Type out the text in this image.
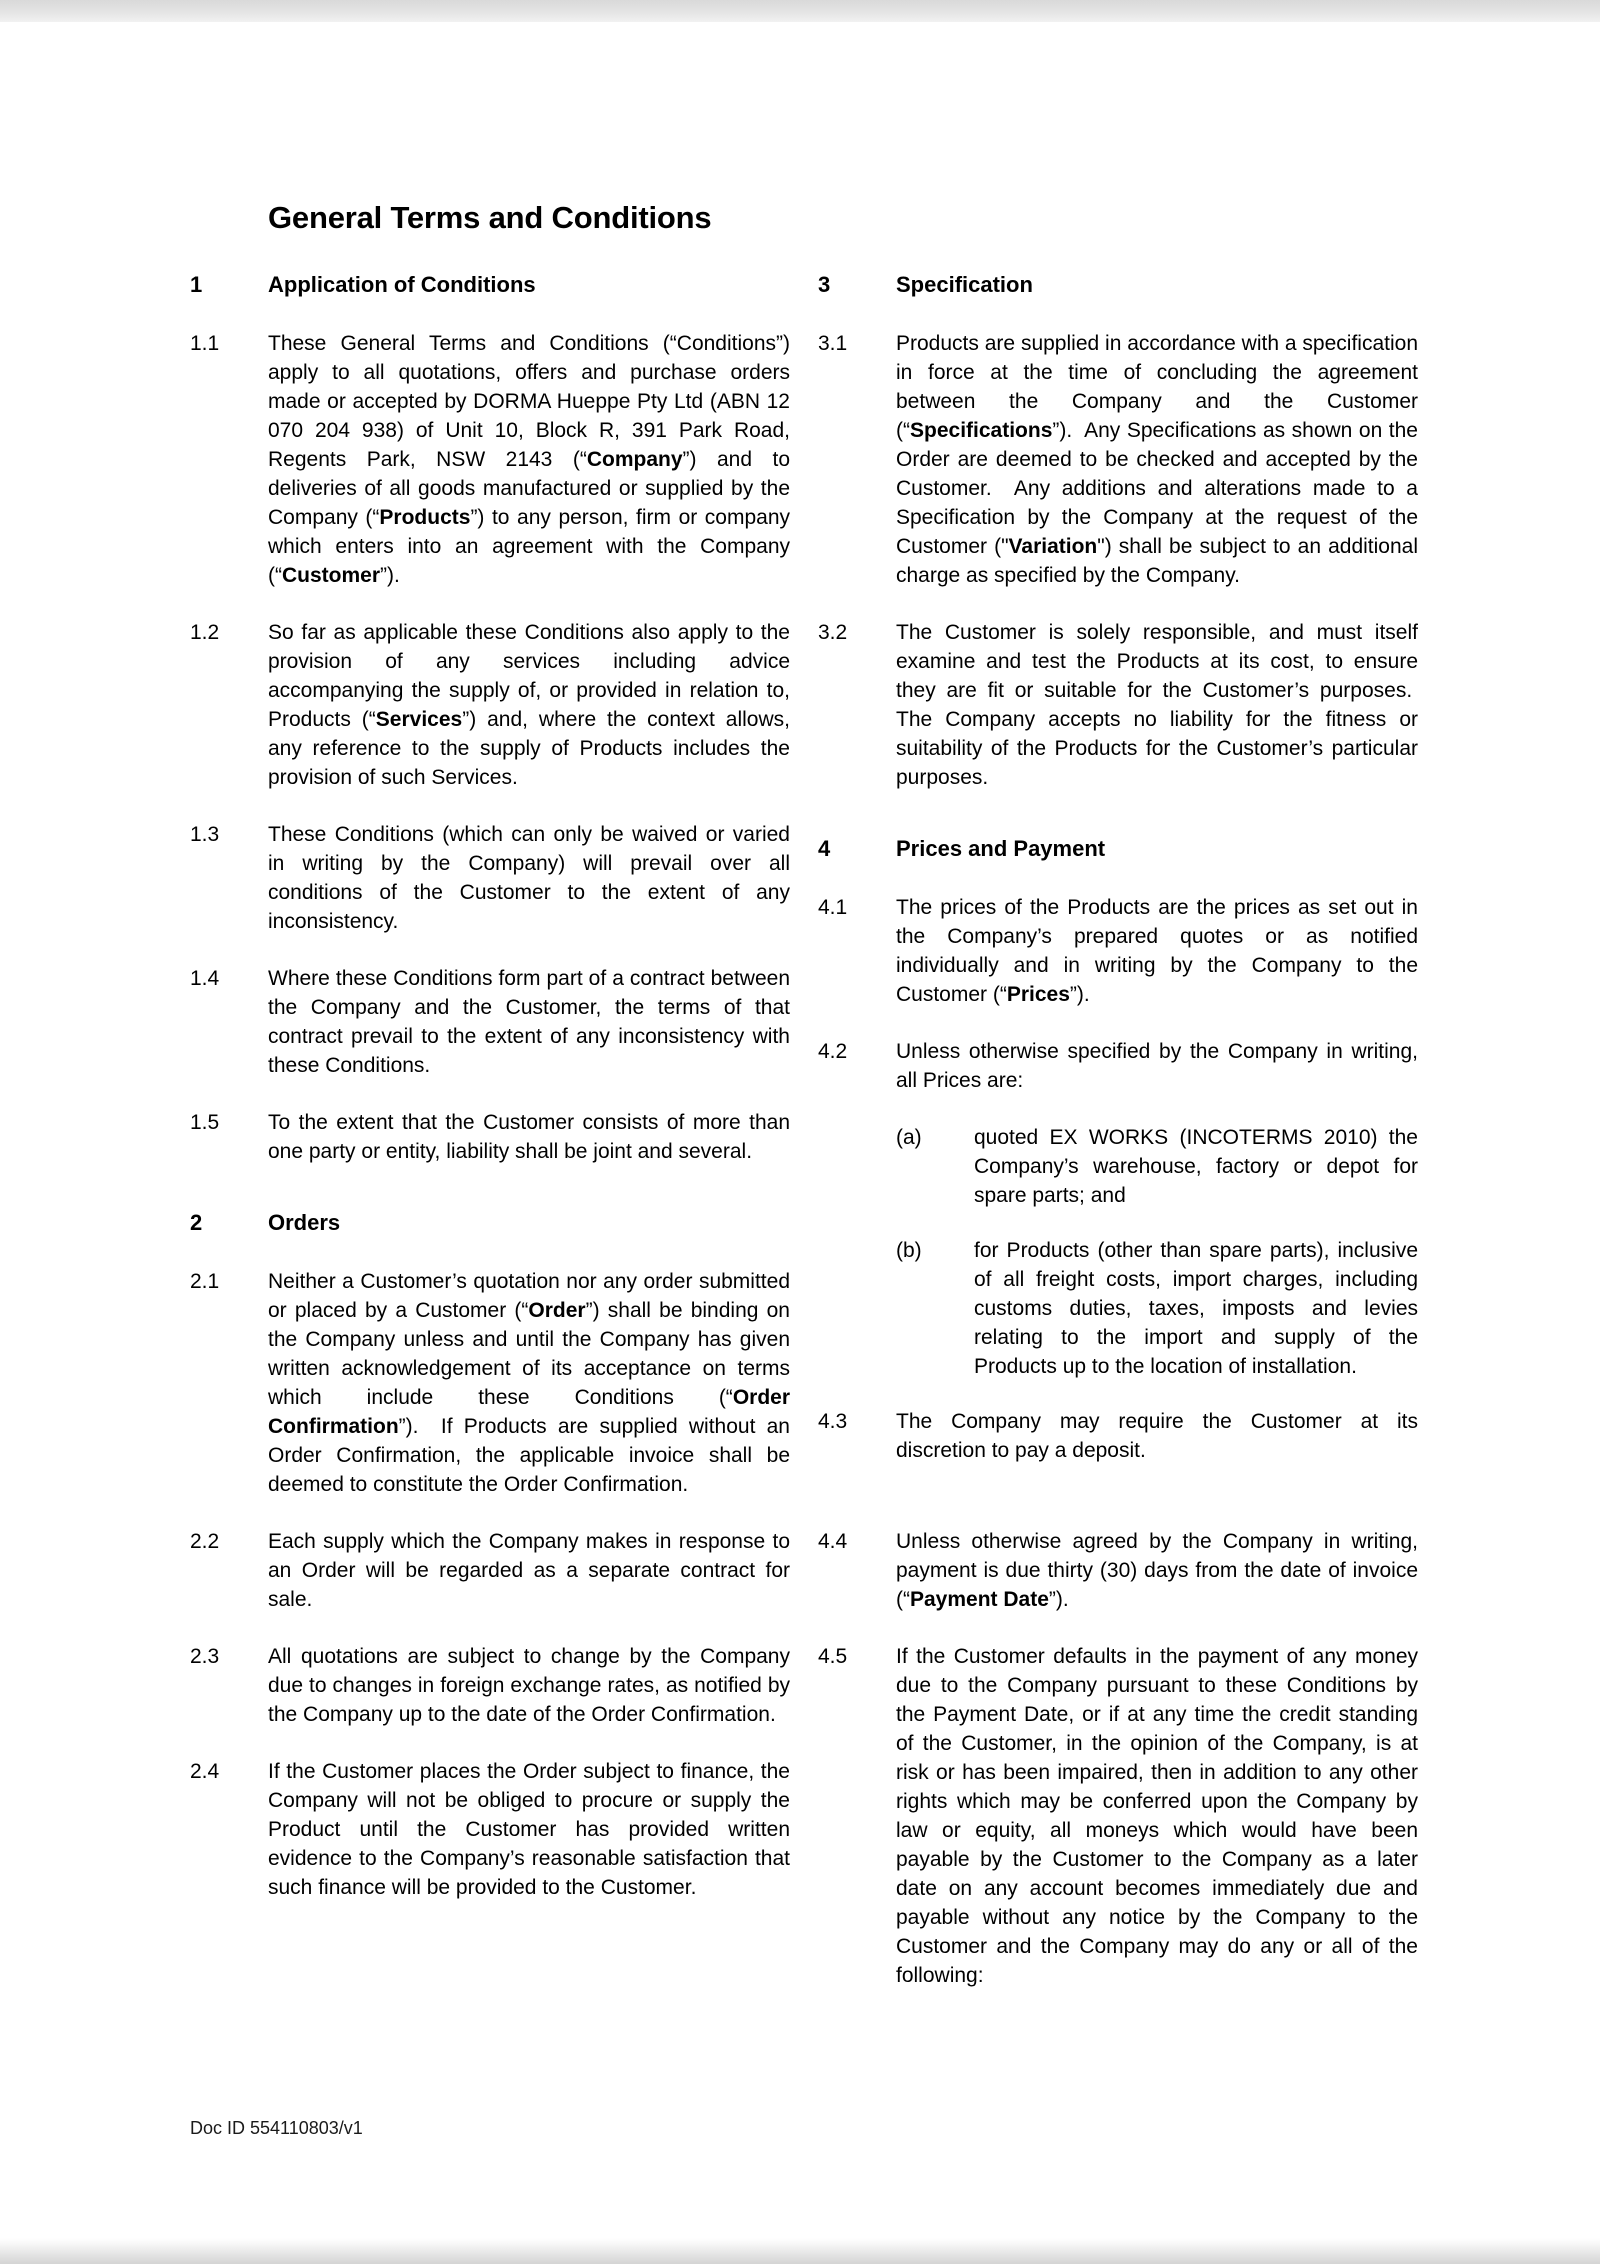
General Terms and Conditions
1	Application of Conditions
1.1	These General Terms and Conditions (“Conditions”) apply to all quotations, offers and purchase orders made or accepted by DORMA Hueppe Pty Ltd (ABN 12 070 204 938) of Unit 10, Block R, 391 Park Road, Regents Park, NSW 2143 (“Company”) and to deliveries of all goods manufactured or supplied by the Company (“Products”) to any person, firm or company which enters into an agreement with the Company (“Customer”).
1.2	So far as applicable these Conditions also apply to the provision of any services including advice accompanying the supply of, or provided in relation to, Products (“Services”) and, where the context allows, any reference to the supply of Products includes the provision of such Services.
1.3	These Conditions (which can only be waived or varied in writing by the Company) will prevail over all conditions of the Customer to the extent of any inconsistency.
1.4	Where these Conditions form part of a contract between the Company and the Customer, the terms of that contract prevail to the extent of any inconsistency with these Conditions.
1.5	To the extent that the Customer consists of more than one party or entity, liability shall be joint and several.
2	Orders
2.1	Neither a Customer’s quotation nor any order submitted or placed by a Customer (“Order”) shall be binding on the Company unless and until the Company has given written acknowledgement of its acceptance on terms which include these Conditions (“Order Confirmation”).  If Products are supplied without an Order Confirmation, the applicable invoice shall be deemed to constitute the Order Confirmation.
2.2	Each supply which the Company makes in response to an Order will be regarded as a separate contract for sale.
2.3	All quotations are subject to change by the Company due to changes in foreign exchange rates, as notified by the Company up to the date of the Order Confirmation.
2.4	If the Customer places the Order subject to finance, the Company will not be obliged to procure or supply the Product until the Customer has provided written evidence to the Company’s reasonable satisfaction that such finance will be provided to the Customer.
3	Specification
3.1	Products are supplied in accordance with a specification in force at the time of concluding the agreement between the Company and the Customer (“Specifications”).  Any Specifications as shown on the Order are deemed to be checked and accepted by the Customer.  Any additions and alterations made to a Specification by the Company at the request of the Customer ("Variation") shall be subject to an additional charge as specified by the Company.
3.2	The Customer is solely responsible, and must itself examine and test the Products at its cost, to ensure they are fit or suitable for the Customer’s purposes.  The Company accepts no liability for the fitness or suitability of the Products for the Customer’s particular purposes.
4	Prices and Payment
4.1	The prices of the Products are the prices as set out in the Company’s prepared quotes or as notified individually and in writing by the Company to the Customer (“Prices”).
4.2	Unless otherwise specified by the Company in writing, all Prices are:
(a)	quoted EX WORKS (INCOTERMS 2010) the Company’s warehouse, factory or depot for spare parts; and
(b)	for Products (other than spare parts), inclusive of all freight costs, import charges, including customs duties, taxes, imposts and levies relating to the import and supply of the Products up to the location of installation.
4.3	The Company may require the Customer at its discretion to pay a deposit.
4.4	Unless otherwise agreed by the Company in writing, payment is due thirty (30) days from the date of invoice (“Payment Date”).
4.5	If the Customer defaults in the payment of any money due to the Company pursuant to these Conditions by the Payment Date, or if at any time the credit standing of the Customer, in the opinion of the Company, is at risk or has been impaired, then in addition to any other rights which may be conferred upon the Company by law or equity, all moneys which would have been payable by the Customer to the Company as a later date on any account becomes immediately due and payable without any notice by the Company to the Customer and the Company may do any or all of the following:
Doc ID 554110803/v1
